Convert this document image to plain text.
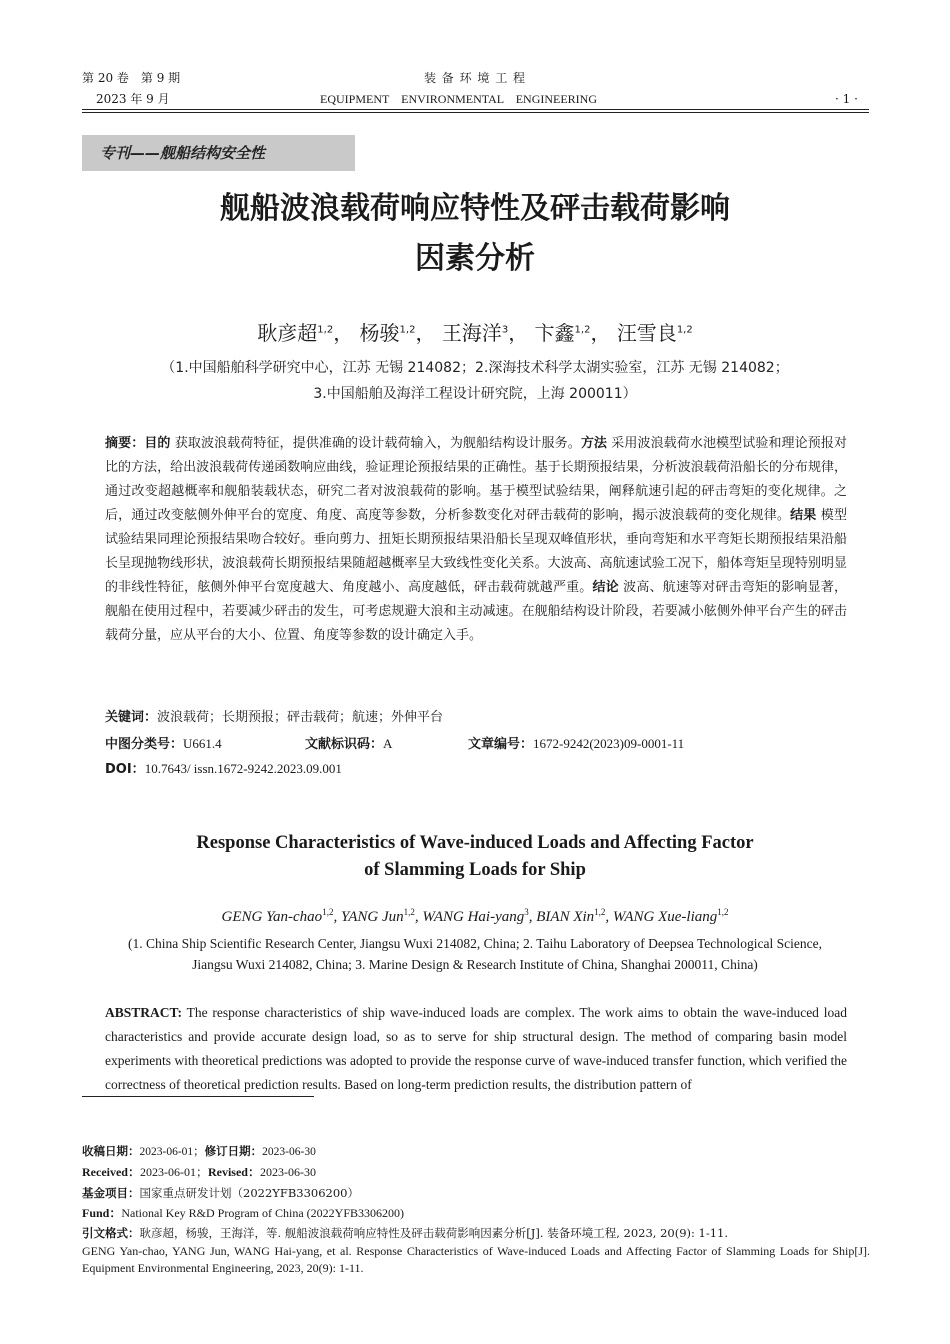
第 20 卷　第 9 期
2023 年 9 月
装 备 环 境 工 程
EQUIPMENT　ENVIRONMENTAL　ENGINEERING	· 1 ·
专刊——舰船结构安全性
舰船波浪载荷响应特性及砰击载荷影响
因素分析
耿彦超$^{1,2}$， 杨骏$^{1,2}$， 王海洋$^3$， 卞鑫$^{1,2}$， 汪雪良$^{1,2}$
（1.中国船舶科学研究中心，江苏 无锡 214082；2.深海技术科学太湖实验室，江苏 无锡 214082；
3.中国船舶及海洋工程设计研究院，上海 200011）
摘要：目的 获取波浪载荷特征，提供准确的设计载荷输入，为舰船结构设计服务。方法 采用波浪载荷水池模型试验和理论预报对比的方法，给出波浪载荷传递函数响应曲线，验证理论预报结果的正确性。基于长期预报结果，分析波浪载荷沿船长的分布规律，通过改变超越概率和舰船装载状态，研究二者对波浪载荷的影响。基于模型试验结果，阐释航速引起的砰击弯矩的变化规律。之后，通过改变舷侧外伸平台的宽度、角度、高度等参数，分析参数变化对砰击载荷的影响，揭示波浪载荷的变化规律。结果 模型试验结果同理论预报结果吻合较好。垂向剪力、扭矩长期预报结果沿船长呈现双峰值形状，垂向弯矩和水平弯矩长期预报结果沿船长呈现抛物线形状，波浪载荷长期预报结果随超越概率呈大致线性变化关系。大波高、高航速试验工况下，船体弯矩呈现特别明显的非线性特征，舷侧外伸平台宽度越大、角度越小、高度越低，砰击载荷就越严重。结论 波高、航速等对砰击弯矩的影响显著，舰船在使用过程中，若要减少砰击的发生，可考虑规避大浪和主动减速。在舰船结构设计阶段，若要减小舷侧外伸平台产生的砰击载荷分量，应从平台的大小、位置、角度等参数的设计确定入手。
关键词：波浪载荷；长期预报；砰击载荷；航速；外伸平台
中图分类号：U661.4	文献标识码：A	文章编号：1672-9242(2023)09-0001-11
DOI：10.7643/ issn.1672-9242.2023.09.001
Response Characteristics of Wave-induced Loads and Affecting Factor
of Slamming Loads for Ship
GENG Yan-chao$^{1,2}$, YANG Jun$^{1,2}$, WANG Hai-yang$^3$, BIAN Xin$^{1,2}$, WANG Xue-liang$^{1,2}$
(1. China Ship Scientific Research Center, Jiangsu Wuxi 214082, China; 2. Taihu Laboratory of Deepsea Technological Science,
Jiangsu Wuxi 214082, China; 3. Marine Design & Research Institute of China, Shanghai 200011, China)
ABSTRACT: The response characteristics of ship wave-induced loads are complex. The work aims to obtain the wave-induced load characteristics and provide accurate design load, so as to serve for ship structural design. The method of comparing basin model experiments with theoretical predictions was adopted to provide the response curve of wave-induced transfer function, which verified the correctness of theoretical prediction results. Based on long-term prediction results, the distribution pattern of
收稿日期：2023-06-01；修订日期：2023-06-30
Received：2023-06-01；Revised：2023-06-30
基金项目：国家重点研发计划（2022YFB3306200）
Fund：National Key R&D Program of China (2022YFB3306200)
引文格式：耿彦超，杨骏，王海洋，等. 舰船波浪载荷响应特性及砰击载荷影响因素分析[J]. 装备环境工程, 2023, 20(9): 1-11.
GENG Yan-chao, YANG Jun, WANG Hai-yang, et al. Response Characteristics of Wave-induced Loads and Affecting Factor of Slamming Loads for Ship[J]. Equipment Environmental Engineering, 2023, 20(9): 1-11.
